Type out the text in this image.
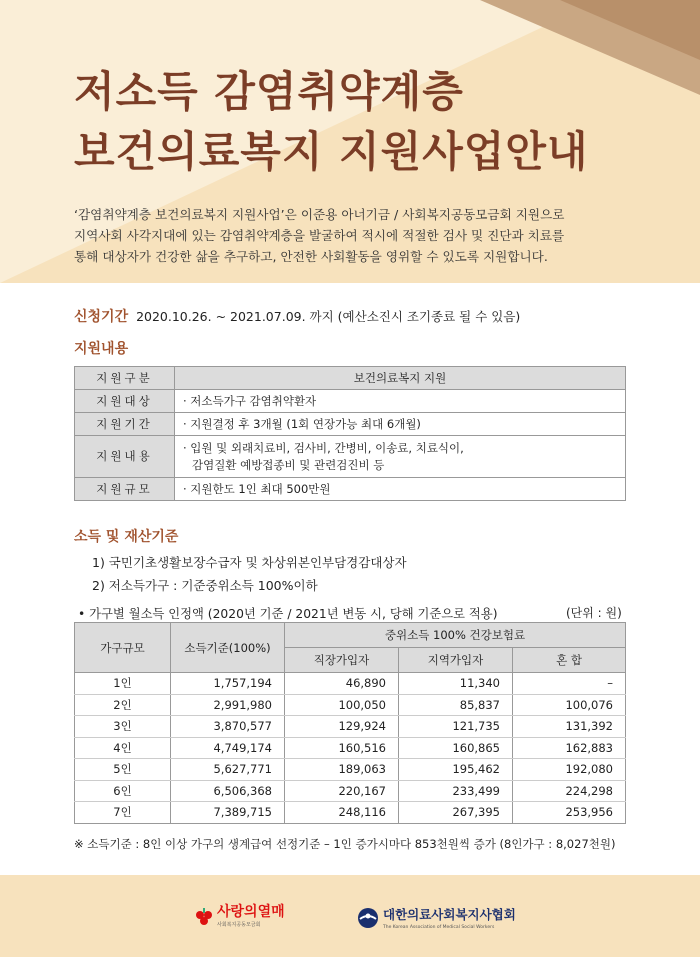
저소득 감염취약계층
보건의료복지 지원사업안내
‘감염취약계층 보건의료복지 지원사업’은 이준용 아너기금 / 사회복지공동모금회 지원으로
지역사회 사각지대에 있는 감염취약계층을 발굴하여 적시에 적절한 검사 및 진단과 치료를
통해 대상자가 건강한 삶을 추구하고, 안전한 사회활동을 영위할 수 있도록 지원합니다.
신청기간 2020.10.26. ~ 2021.07.09. 까지 (예산소진시 조기종료 될 수 있음)
지원내용
지원구분	보건의료복지 지원
지원대상	· 저소득가구 감염취약환자
지원기간	· 지원결정 후 3개월 (1회 연장가능 최대 6개월)
지원내용	· 입원 및 외래치료비, 검사비, 간병비, 이송료, 치료식이,
감염질환 예방접종비 및 관련검진비 등

지원규모	· 지원한도 1인 최대 500만원
소득 및 재산기준
1) 국민기초생활보장수급자 및 차상위본인부담경감대상자
2) 저소득가구 : 기준중위소득 100%이하
• 가구별 월소득 인정액 (2020년 기준 / 2021년 변동 시, 당해 기준으로 적용)	(단위 : 원)
가구규모	소득기준(100%)	중위소득 100% 건강보험료		
		직장가입자	지역가입자	혼 합
1인	1,757,194	46,890	11,340	–
2인	2,991,980	100,050	85,837	100,076
3인	3,870,577	129,924	121,735	131,392
4인	4,749,174	160,516	160,865	162,883
5인	5,627,771	189,063	195,462	192,080
6인	6,506,368	220,167	233,499	224,298
7인	7,389,715	248,116	267,395	253,956
※ 소득기준 : 8인 이상 가구의 생계급여 선정기준 – 1인 증가시마다 853천원씩 증가 (8인가구 : 8,027천원)
사랑의열매
사회복지공동모금회
대한의료사회복지사협회
The Korean Association of Medical Social Workers
